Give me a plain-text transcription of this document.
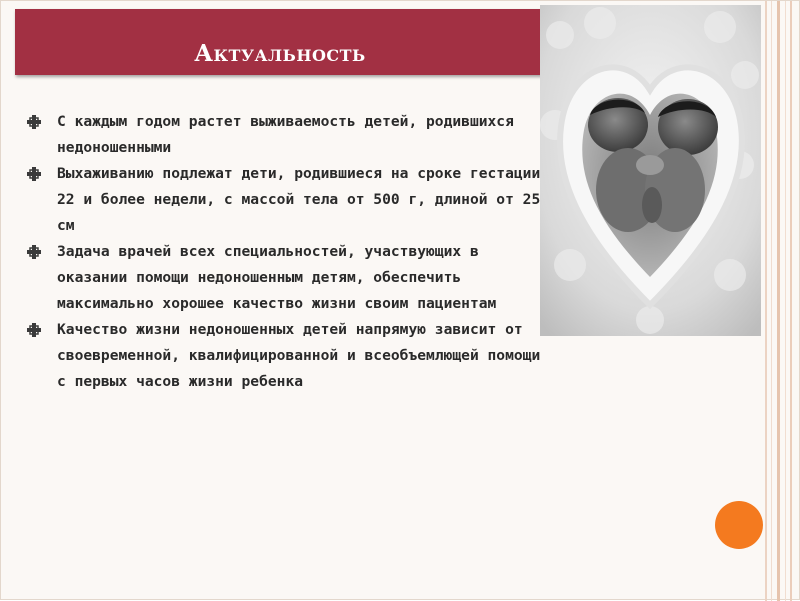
Актуальность
С каждым годом растет выживаемость детей, родившихся недоношенными
Выхаживанию подлежат дети, родившиеся на сроке гестации 22 и более недели, с массой тела от 500 г, длиной от 25 см
Задача врачей всех специальностей, участвующих в оказании помощи недоношенным детям, обеспечить максимально хорошее качество жизни своим пациентам
Качество жизни недоношенных детей напрямую зависит от своевременной, квалифицированной и всеобъемлющей помощи с первых часов жизни ребенка
